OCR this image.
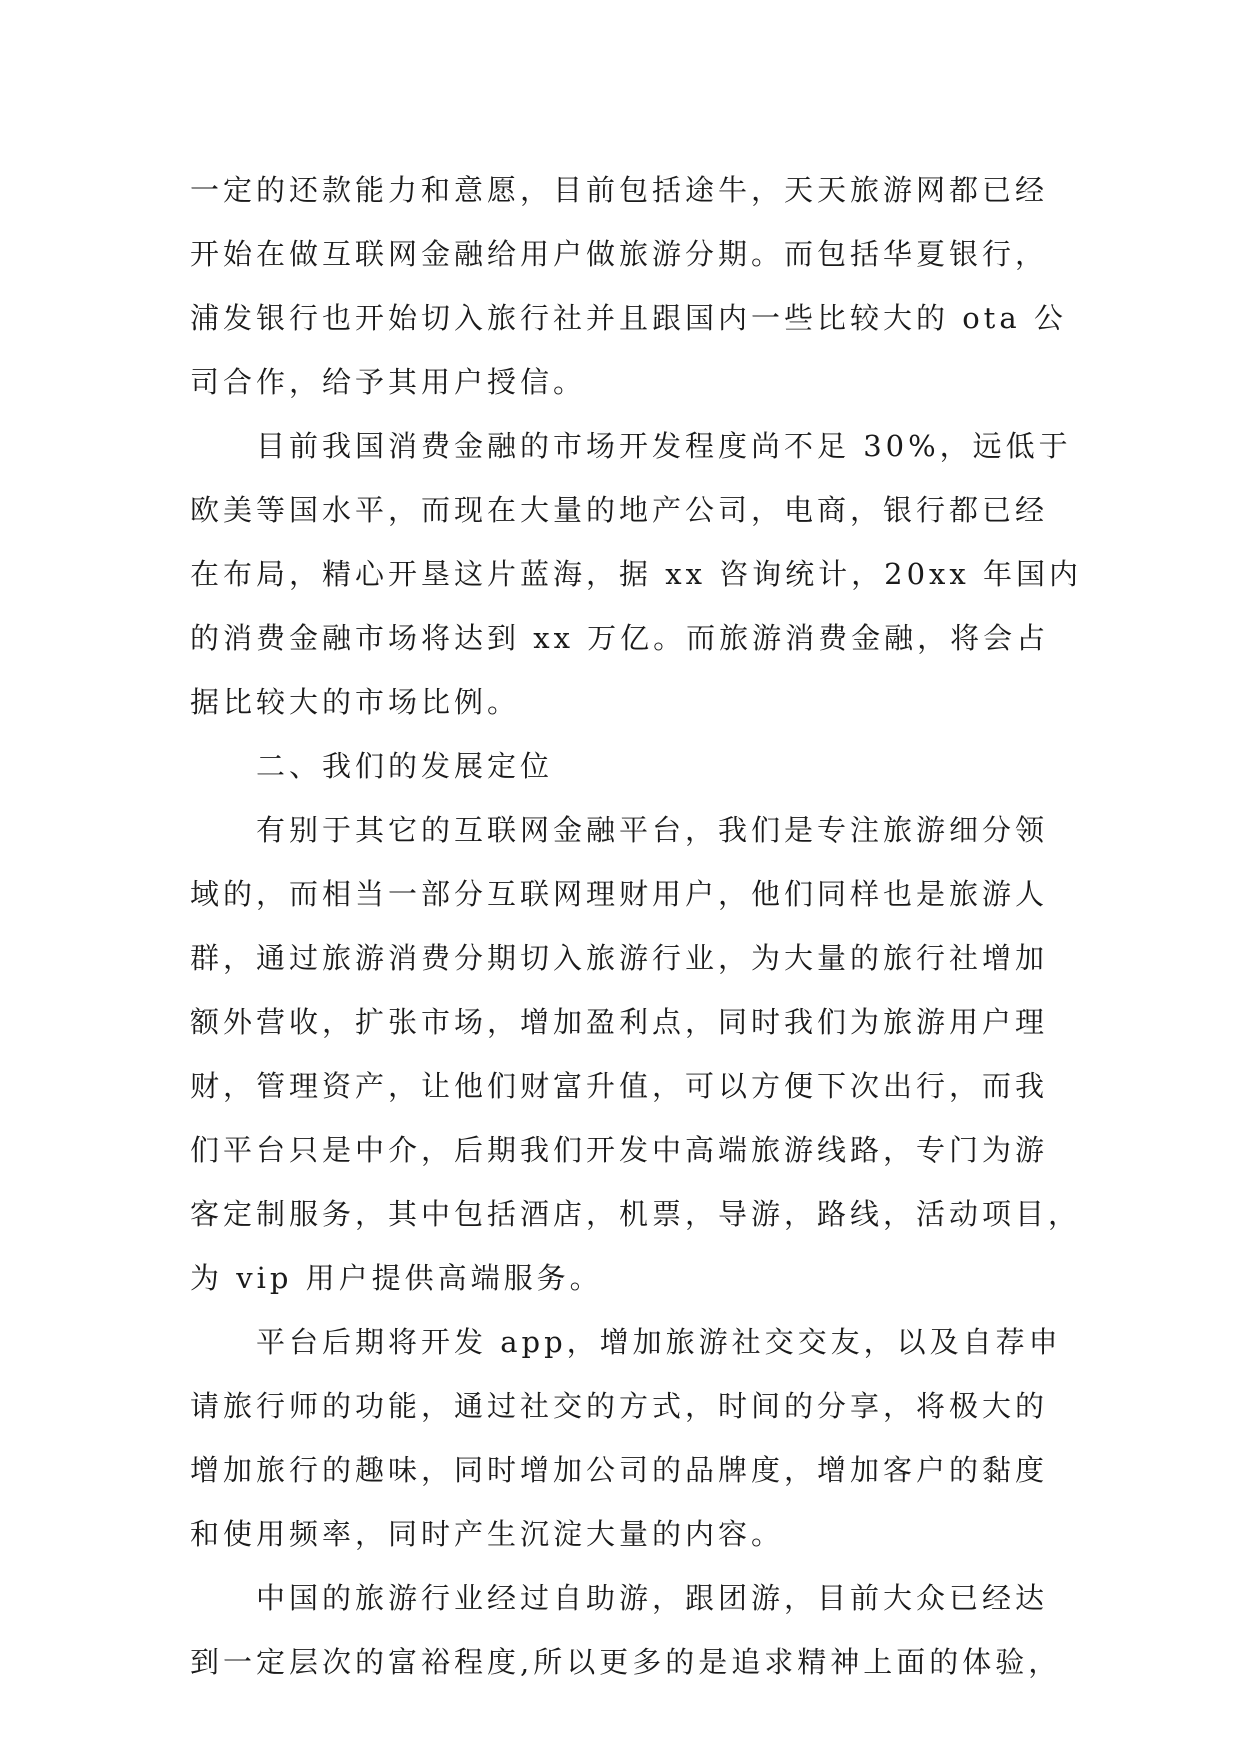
一定的还款能力和意愿，目前包括途牛，天天旅游网都已经
开始在做互联网金融给用户做旅游分期。而包括华夏银行，
浦发银行也开始切入旅行社并且跟国内一些比较大的 ota 公
司合作，给予其用户授信。
目前我国消费金融的市场开发程度尚不足 30%，远低于
欧美等国水平，而现在大量的地产公司，电商，银行都已经
在布局，精心开垦这片蓝海，据 xx 咨询统计，20xx 年国内
的消费金融市场将达到 xx 万亿。而旅游消费金融，将会占
据比较大的市场比例。
二、我们的发展定位
有别于其它的互联网金融平台，我们是专注旅游细分领
域的，而相当一部分互联网理财用户，他们同样也是旅游人
群，通过旅游消费分期切入旅游行业，为大量的旅行社增加
额外营收，扩张市场，增加盈利点，同时我们为旅游用户理
财，管理资产，让他们财富升值，可以方便下次出行，而我
们平台只是中介，后期我们开发中高端旅游线路，专门为游
客定制服务，其中包括酒店，机票，导游，路线，活动项目，
为 vip 用户提供高端服务。
平台后期将开发 app，增加旅游社交交友，以及自荐申
请旅行师的功能，通过社交的方式，时间的分享，将极大的
增加旅行的趣味，同时增加公司的品牌度，增加客户的黏度
和使用频率，同时产生沉淀大量的内容。
中国的旅游行业经过自助游，跟团游，目前大众已经达
到一定层次的富裕程度,所以更多的是追求精神上面的体验，
